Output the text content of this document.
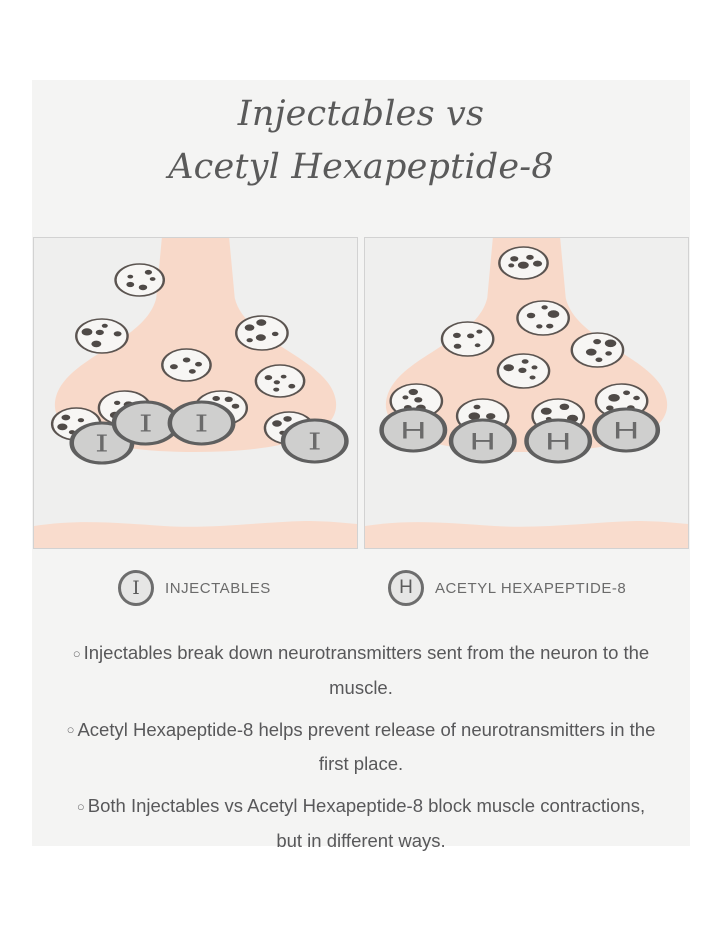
Injectables vs
Acetyl Hexapeptide-8
I
I I
I	H H H H
I	INJECTABLES	H	ACETYL HEXAPEPTIDE-8
○ Injectables break down neurotransmitters sent from the neuron to the muscle.
○ Acetyl Hexapeptide-8 helps prevent release of neurotransmitters in the first place.
○ Both Injectables vs Acetyl Hexapeptide-8 block muscle contractions, but in different ways.
